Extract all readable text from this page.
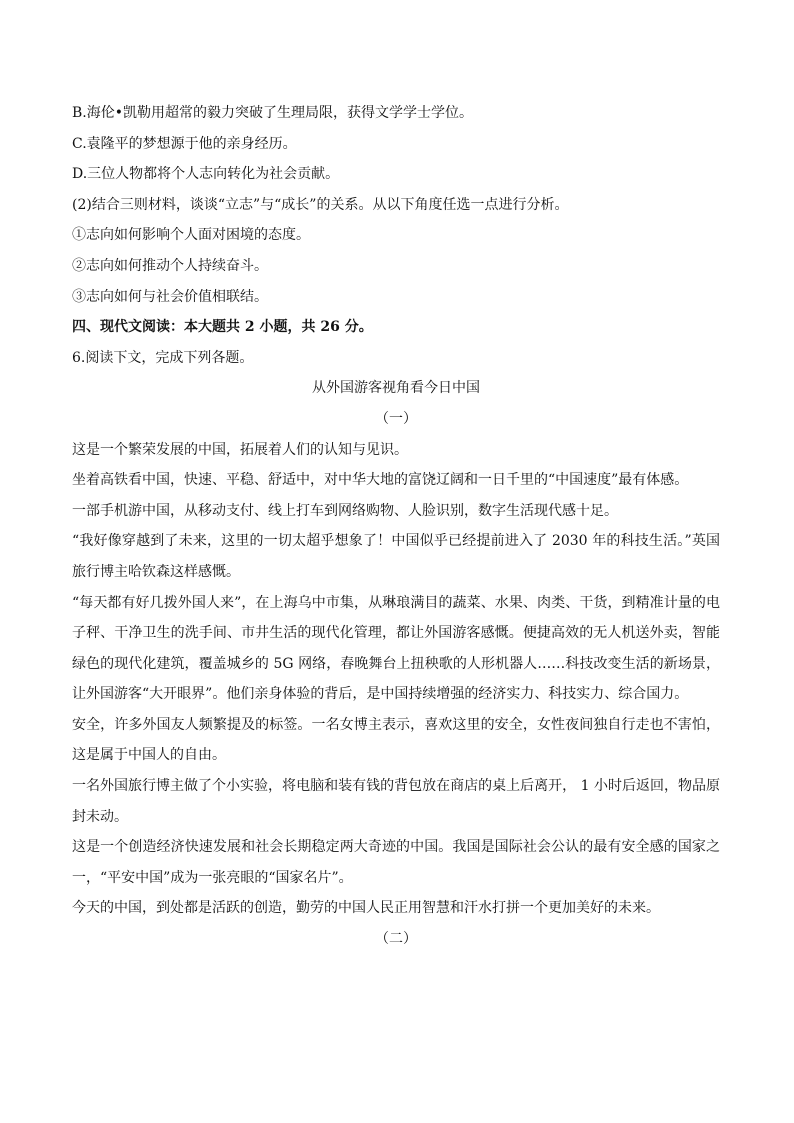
B.海伦•凯勒用超常的毅力突破了生理局限，获得文学学士学位。
C.袁隆平的梦想源于他的亲身经历。
D.三位人物都将个人志向转化为社会贡献。
(2)结合三则材料，谈谈“立志”与“成长”的关系。从以下角度任选一点进行分析。
①志向如何影响个人面对困境的态度。
②志向如何推动个人持续奋斗。
③志向如何与社会价值相联结。
四、现代文阅读：本大题共 2 小题，共 26 分。
6.阅读下文，完成下列各题。
从外国游客视角看今日中国
（一）
这是一个繁荣发展的中国，拓展着人们的认知与见识。
坐着高铁看中国，快速、平稳、舒适中，对中华大地的富饶辽阔和一日千里的“中国速度”最有体感。
一部手机游中国，从移动支付、线上打车到网络购物、人脸识别，数字生活现代感十足。
“我好像穿越到了未来，这里的一切太超乎想象了！中国似乎已经提前进入了 2030 年的科技生活。”英国旅行博主哈钦森这样感慨。
“每天都有好几拨外国人来”，在上海乌中市集，从琳琅满目的蔬菜、水果、肉类、干货，到精准计量的电子秤、干净卫生的洗手间、市井生活的现代化管理，都让外国游客感慨。便捷高效的无人机送外卖，智能绿色的现代化建筑，覆盖城乡的 5G 网络，春晚舞台上扭秧歌的人形机器人……科技改变生活的新场景，让外国游客“大开眼界”。他们亲身体验的背后，是中国持续增强的经济实力、科技实力、综合国力。
安全，许多外国友人频繁提及的标签。一名女博主表示，喜欢这里的安全，女性夜间独自行走也不害怕，这是属于中国人的自由。
一名外国旅行博主做了个小实验，将电脑和装有钱的背包放在商店的桌上后离开， 1 小时后返回，物品原封未动。
这是一个创造经济快速发展和社会长期稳定两大奇迹的中国。我国是国际社会公认的最有安全感的国家之一，“平安中国”成为一张亮眼的“国家名片”。
今天的中国，到处都是活跃的创造，勤劳的中国人民正用智慧和汗水打拼一个更加美好的未来。
（二）
